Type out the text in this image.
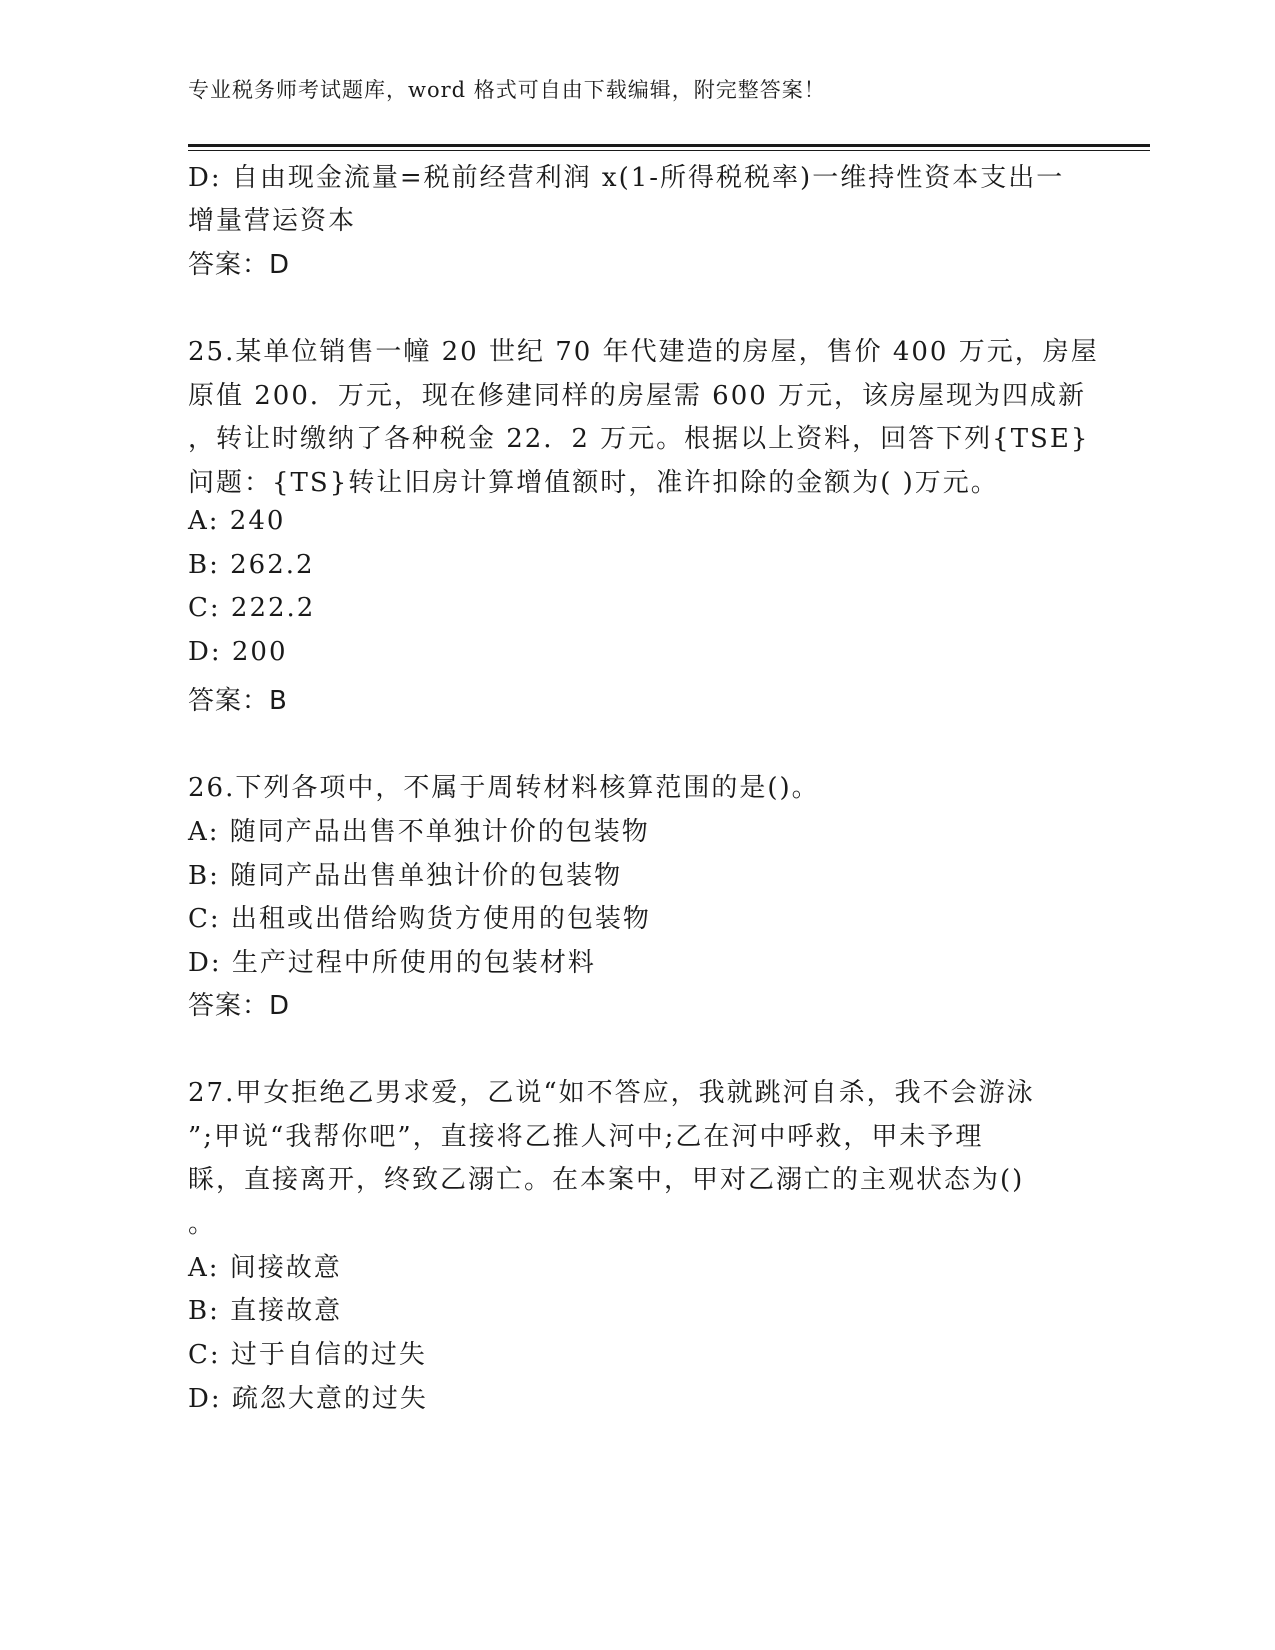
专业税务师考试题库，word 格式可自由下载编辑，附完整答案！
D: 自由现金流量=税前经营利润 x(1-所得税税率)一维持性资本支出一
增量营运资本
答案：D
25.某单位销售一幢 20 世纪 70 年代建造的房屋，售价 400 万元，房屋
原值 200．万元，现在修建同样的房屋需 600 万元，该房屋现为四成新
，转让时缴纳了各种税金 22．2 万元。根据以上资料，回答下列{TSE}
问题：{TS}转让旧房计算增值额时，准许扣除的金额为( )万元。
A: 240
B: 262.2
C: 222.2
D: 200
答案：B
26.下列各项中，不属于周转材料核算范围的是()。
A: 随同产品出售不单独计价的包装物
B: 随同产品出售单独计价的包装物
C: 出租或出借给购货方使用的包装物
D: 生产过程中所使用的包装材料
答案：D
27.甲女拒绝乙男求爱，乙说“如不答应，我就跳河自杀，我不会游泳
”;甲说“我帮你吧”，直接将乙推人河中;乙在河中呼救，甲未予理
睬，直接离开，终致乙溺亡。在本案中，甲对乙溺亡的主观状态为()
。
A: 间接故意
B: 直接故意
C: 过于自信的过失
D: 疏忽大意的过失
